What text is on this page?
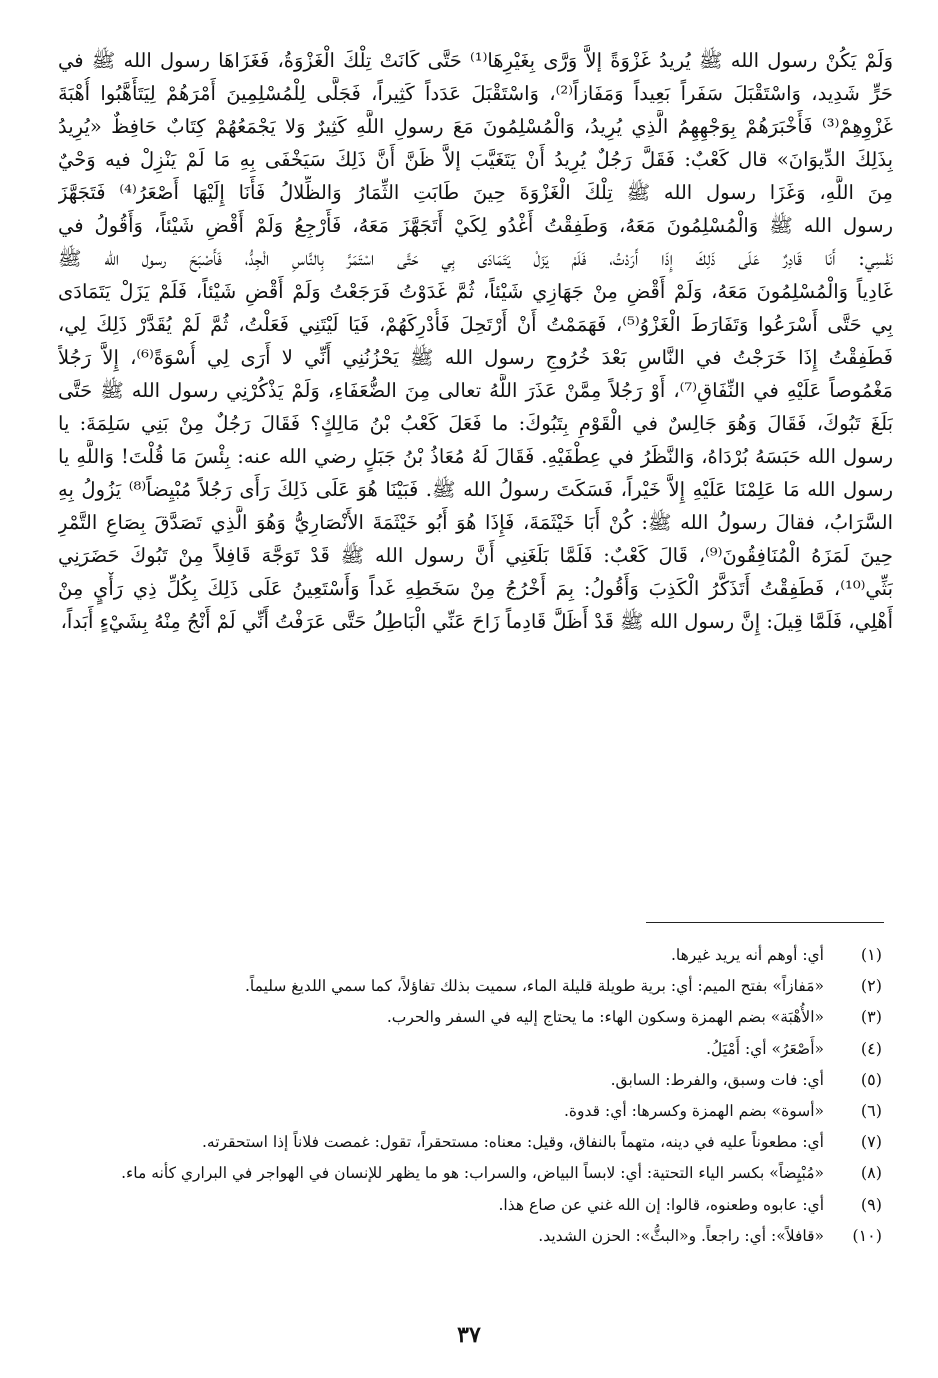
وَلَمْ يَكُنْ رسول الله ﷺ يُريدُ غَزْوَةً إلاَّ وَرَّى بِغَيْرِهَا⁽¹⁾ حَتَّى كَانَتْ تِلْكَ الْغَزْوَةُ، فَغَزَاهَا رسول الله ﷺ في
حَرٍّ شَدِيد، وَاسْتَقْبَلَ سَفَراً بَعِيداً وَمَفَازاً⁽²⁾، وَاسْتَقْبَلَ عَدَداً كَثِيراً، فَجَلَّى لِلْمُسْلِمِينَ أَمْرَهُمْ لِيَتَأَهَّبُوا أُهْبَةَ
غَزْوِهِمْ⁽³⁾ فَأَخْبَرَهُمْ بِوَجْهِهِمُ الَّذِي يُرِيدُ، وَالْمُسْلِمُونَ مَعَ رسولِ اللَّهِ كَثِيرٌ وَلا يَجْمَعُهُمْ كِتَابٌ حَافِظٌ «يُرِيدُ
بِذَلِكَ الدِّيوَانَ» قال كَعْبٌ: فَقَلَّ رَجُلٌ يُرِيدُ أَنْ يَتَغَيَّبَ إلاَّ ظَنَّ أَنَّ ذَلِكَ سَيَخْفَى بِهِ مَا لَمْ يَنْزِلْ فيه وَحْيٌ
مِنَ اللَّهِ، وَغَزَا رسول الله ﷺ تِلْكَ الْغَزْوَةَ حِينَ طَابَتِ الثِّمَارُ وَالظِّلالُ فَأَنَا إِلَيْهَا أَصْعَرُ⁽⁴⁾ فَتَجَهَّزَ
رسول الله ﷺ وَالْمُسْلِمُونَ مَعَهُ، وَطَفِقْتُ أَغْدُو لِكَيْ أَتَجَهَّزَ مَعَهُ، فَأَرْجِعُ وَلَمْ أَقْضِ شَيْئاً، وَأَقُولُ في
نَفْسِي: أَنَا قَادِرٌ عَلَى ذَلِكَ إِذَا أَرَدْتُ، فَلَمْ يَزَلْ يَتَمَادَى بِي حَتَّى اسْتَمَرَّ بِالنَّاسِ الْجِدُّ، فَأَصْبَحَ رسول الله ﷺ
غَادِياً وَالْمُسْلِمُونَ مَعَهُ، وَلَمْ أَقْضِ مِنْ جَهَازِي شَيْئاً، ثُمَّ غَدَوْتُ فَرَجَعْتُ وَلَمْ أَقْضِ شَيْئاً، فَلَمْ يَزَلْ يَتَمَادَى
بِي حَتَّى أَسْرَعُوا وَتَفَارَطَ الْغَزْوُ⁽⁵⁾، فَهَمَمْتُ أَنْ أَرْتَحِلَ فَأُدْرِكَهُمْ، فَيَا لَيْتَنِي فَعَلْتُ، ثُمَّ لَمْ يُقَدَّرْ ذَلِكَ لِي،
فَطَفِقْتُ إِذَا خَرَجْتُ في النَّاسِ بَعْدَ خُرُوجِ رسول الله ﷺ يَحْزُنُنِي أَنِّي لا أَرَى لِي أُسْوَةً⁽⁶⁾، إِلاَّ رَجُلاً
مَغْمُوصاً عَلَيْهِ في النِّفَاقِ⁽⁷⁾، أَوْ رَجُلاً مِمَّنْ عَذَرَ اللَّهُ تعالى مِنَ الضُّعَفَاءِ، وَلَمْ يَذْكُرْنِي رسول الله ﷺ حَتَّى
بَلَغَ تَبُوكَ، فَقَالَ وَهُوَ جَالِسٌ في الْقَوْمِ بِتَبُوكَ: ما فَعَلَ كَعْبُ بْنُ مَالِكٍ؟ فَقَالَ رَجُلٌ مِنْ بَنِي سَلِمَةَ: يا
رسول الله حَبَسَهُ بُرْدَاهُ، وَالنَّظَرُ في عِطْفَيْهِ. فَقَالَ لَهُ مُعَاذُ بْنُ جَبَلٍ رضي الله عنه: بِئْسَ مَا قُلْتَ! وَاللَّهِ يا
رسول الله مَا عَلِمْنَا عَلَيْهِ إِلاَّ خَيْراً، فَسَكَتَ رسولُ الله ﷺ. فَبَيْنَا هُوَ عَلَى ذَلِكَ رَأَى رَجُلاً مُبْيِضاً⁽⁸⁾ يَزُولُ بِهِ
السَّرَابُ، فقالَ رسولُ الله ﷺ: كُنْ أَبَا خَيْثَمَةَ، فَإِذَا هُوَ أَبُو خَيْثَمَةَ الأَنْصَارِيُّ وَهُوَ الَّذِي تَصَدَّقَ بِصَاعِ التَّمْرِ
حِينَ لَمَزَهُ الْمُنَافِقُونَ⁽⁹⁾، قَالَ كَعْبٌ: فَلَمَّا بَلَغَنِي أَنَّ رسول الله ﷺ قَدْ تَوَجَّهَ قَافِلاً مِنْ تَبُوكَ حَضَرَنِي
بَثِّي⁽¹⁰⁾، فَطَفِقْتُ أَتَذَكَّرُ الْكَذِبَ وَأَقُولُ: بِمَ أَخْرُجُ مِنْ سَخَطِهِ غَداً وَأَسْتَعِينُ عَلَى ذَلِكَ بِكُلِّ ذِي رَأْيٍ مِنْ
أَهْلِي، فَلَمَّا قِيلَ: إِنَّ رسول الله ﷺ قَدْ أَظَلَّ قَادِماً زَاحَ عَنِّي الْبَاطِلُ حَتَّى عَرَفْتُ أَنِّي لَمْ أَنْجُ مِنْهُ بِشَيْءٍ أَبَداً،
(١)
أي: أوهم أنه يريد غيرها.
(٢)
«مَفازاً» بفتح الميم: أي: برية طويلة قليلة الماء، سميت بذلك تفاؤلاً، كما سمي اللديغ سليماً.
(٣)
«الأُهْبَة» بضم الهمزة وسكون الهاء: ما يحتاج إليه في السفر والحرب.
(٤)
«أَصْعَرُ» أي: أَمْيَلُ.
(٥)
أي: فات وسبق، والفرط: السابق.
(٦)
«أسوة» بضم الهمزة وكسرها: أي: قدوة.
(٧)
أي: مطعوناً عليه في دينه، متهماً بالنفاق، وقيل: معناه: مستحقراً، تقول: غمصت فلاناً إذا استحقرته.
(٨)
«مُبْيِضاً» بكسر الياء التحتية: أي: لابساً البياض، والسراب: هو ما يظهر للإنسان في الهواجر في البراري كأنه ماء.
(٩)
أي: عابوه وطعنوه، قالوا: إن الله غني عن صاع هذا.
(١٠)
«قافلاً»: أي: راجعاً. و«البثُّ»: الحزن الشديد.
٣٧
